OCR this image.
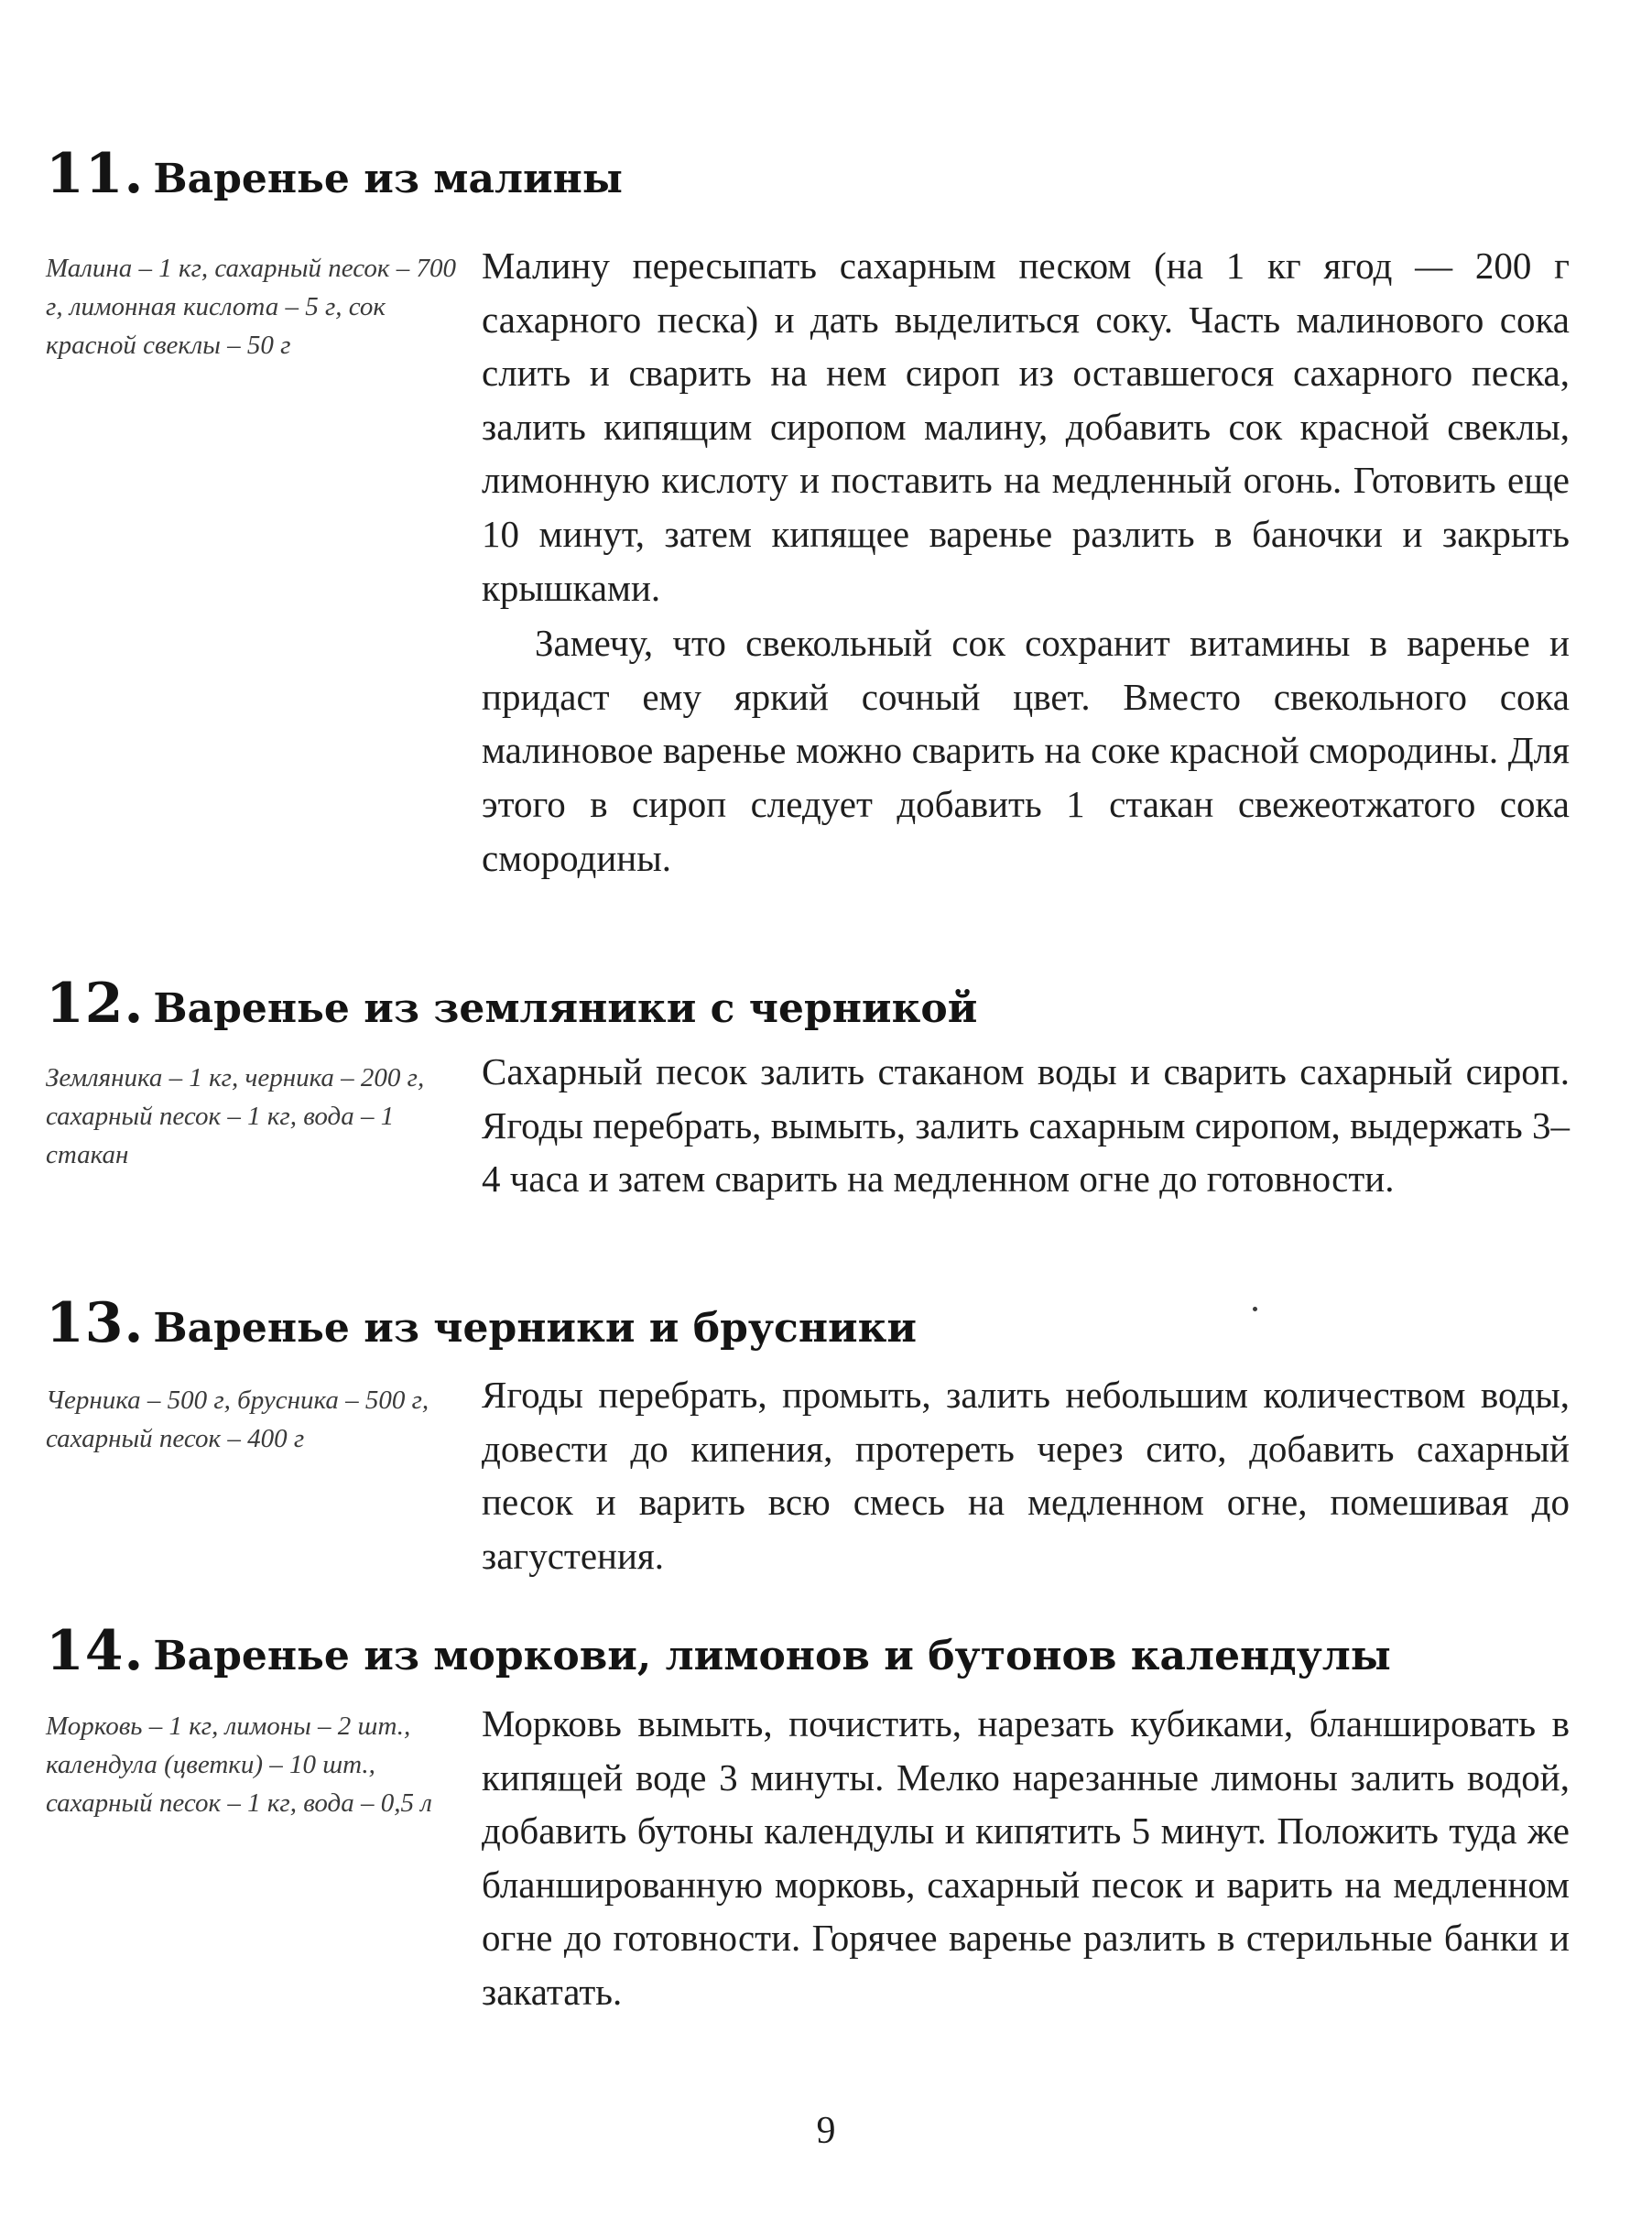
11. Варенье из малины

Малина – 1 кг, сахарный песок – 700 г, лимонная кислота – 5 г, сок красной свеклы – 50 г

Малину пересыпать сахарным песком (на 1 кг ягод — 200 г сахарного песка) и дать выделиться соку. Часть малинового сока слить и сварить на нем сироп из оставшегося сахарного песка, залить кипящим сиропом малину, добавить сок красной свеклы, лимонную кислоту и поставить на медленный огонь. Готовить еще 10 минут, затем кипящее варенье разлить в баночки и закрыть крышками.

Замечу, что свекольный сок сохранит витамины в варенье и придаст ему яркий сочный цвет. Вместо свекольного сока малиновое варенье можно сварить на соке красной смородины. Для этого в сироп следует добавить 1 стакан свежеотжатого сока смородины.

12. Варенье из земляники с черникой

Земляника – 1 кг, черника – 200 г, сахарный песок – 1 кг, вода – 1 стакан

Сахарный песок залить стаканом воды и сварить сахарный сироп. Ягоды перебрать, вымыть, залить сахарным сиропом, выдержать 3–4 часа и затем сварить на медленном огне до готовности.

13. Варенье из черники и брусники

Черника – 500 г, брусника – 500 г, сахарный песок – 400 г

Ягоды перебрать, промыть, залить небольшим количеством воды, довести до кипения, протереть через сито, добавить сахарный песок и варить всю смесь на медленном огне, помешивая до загустения.

14. Варенье из моркови, лимонов и бутонов календулы

Морковь – 1 кг, лимоны – 2 шт., календула (цветки) – 10 шт., сахарный песок – 1 кг, вода – 0,5 л

Морковь вымыть, почистить, нарезать кубиками, бланшировать в кипящей воде 3 минуты. Мелко нарезанные лимоны залить водой, добавить бутоны календулы и кипятить 5 минут. Положить туда же бланшированную морковь, сахарный песок и варить на медленном огне до готовности. Горячее варенье разлить в стерильные банки и закатать.

9
